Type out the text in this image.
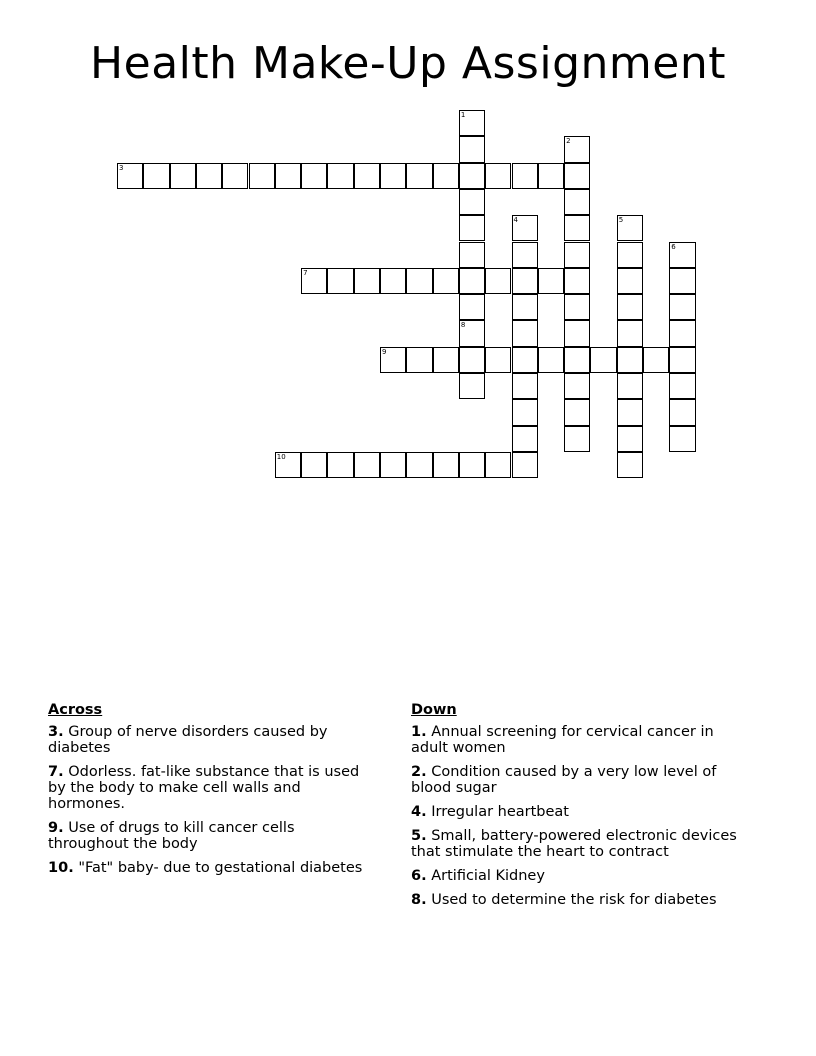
Health Make-Up Assignment
1
8
2
3
4	5
6
7
9
10
Across
3. Group of nerve disorders caused by diabetes
7. Odorless. fat-like substance that is used by the body to make cell walls and hormones.
9. Use of drugs to kill cancer cells throughout the body
10. "Fat" baby- due to gestational diabetes
Down
1. Annual screening for cervical cancer in adult women
2. Condition caused by a very low level of blood sugar
4. Irregular heartbeat
5. Small, battery-powered electronic devices that stimulate the heart to contract
6. Artificial Kidney
8. Used to determine the risk for diabetes
